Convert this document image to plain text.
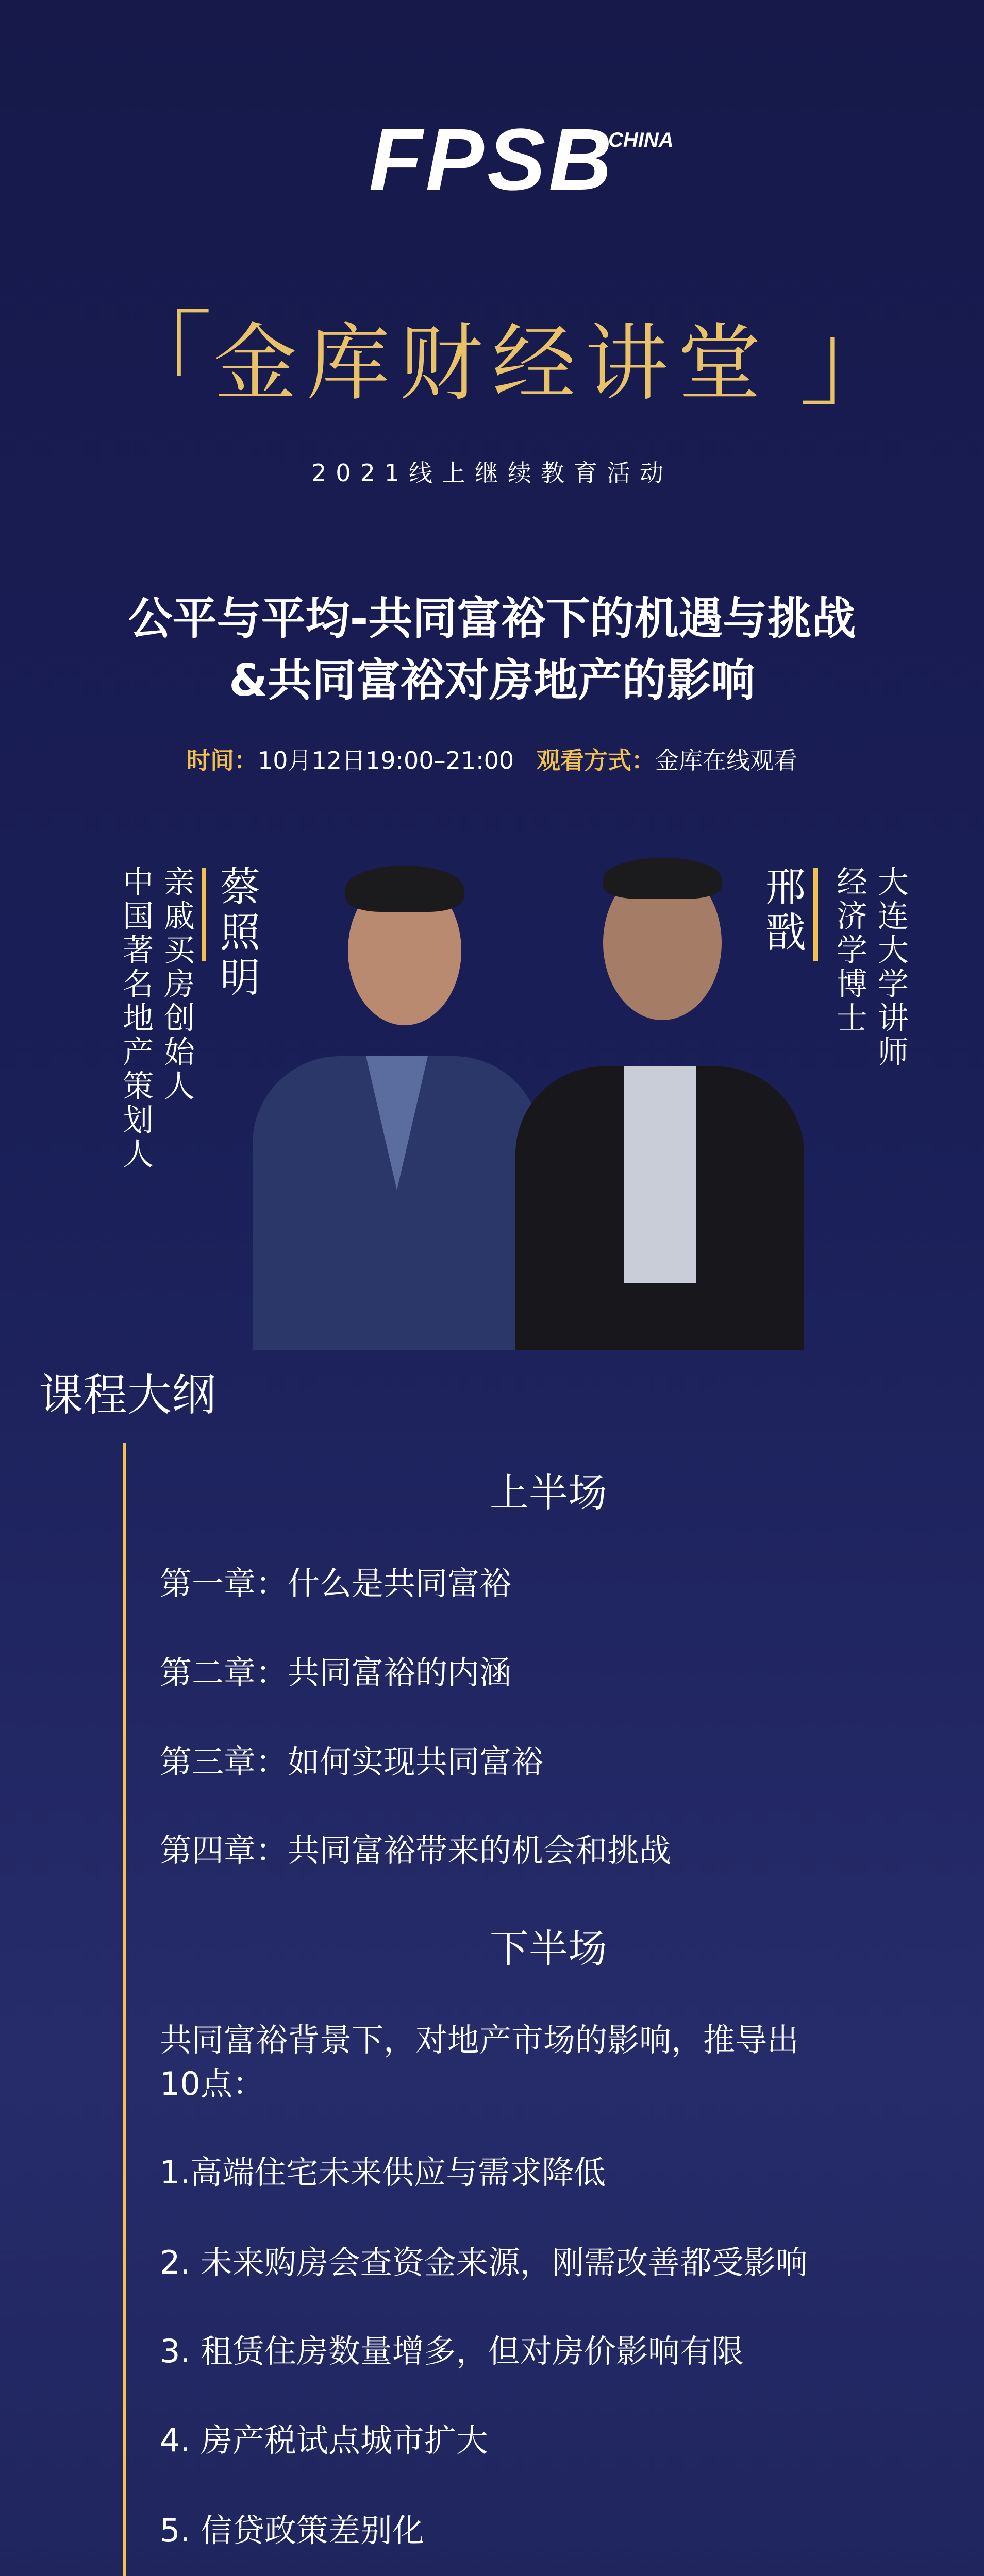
FPSB
CHINA
「 金库财经讲堂 」
2021线上继续教育活动
公平与平均-共同富裕下的机遇与挑战
&共同富裕对房地产的影响
时间：10月12日19:00–21:00 观看方式：金库在线观看
中国著名地产策划人 亲戚买房创始人 蔡照明	邢戬 经济学博士 大连大学讲师
课程大纲
上半场
第一章：什么是共同富裕
第二章：共同富裕的内涵
第三章：如何实现共同富裕
第四章：共同富裕带来的机会和挑战
下半场
共同富裕背景下，对地产市场的影响，推导出
10点：
1.高端住宅未来供应与需求降低
2. 未来购房会查资金来源，刚需改善都受影响
3. 租赁住房数量增多，但对房价影响有限
4. 房产税试点城市扩大
5. 信贷政策差别化
